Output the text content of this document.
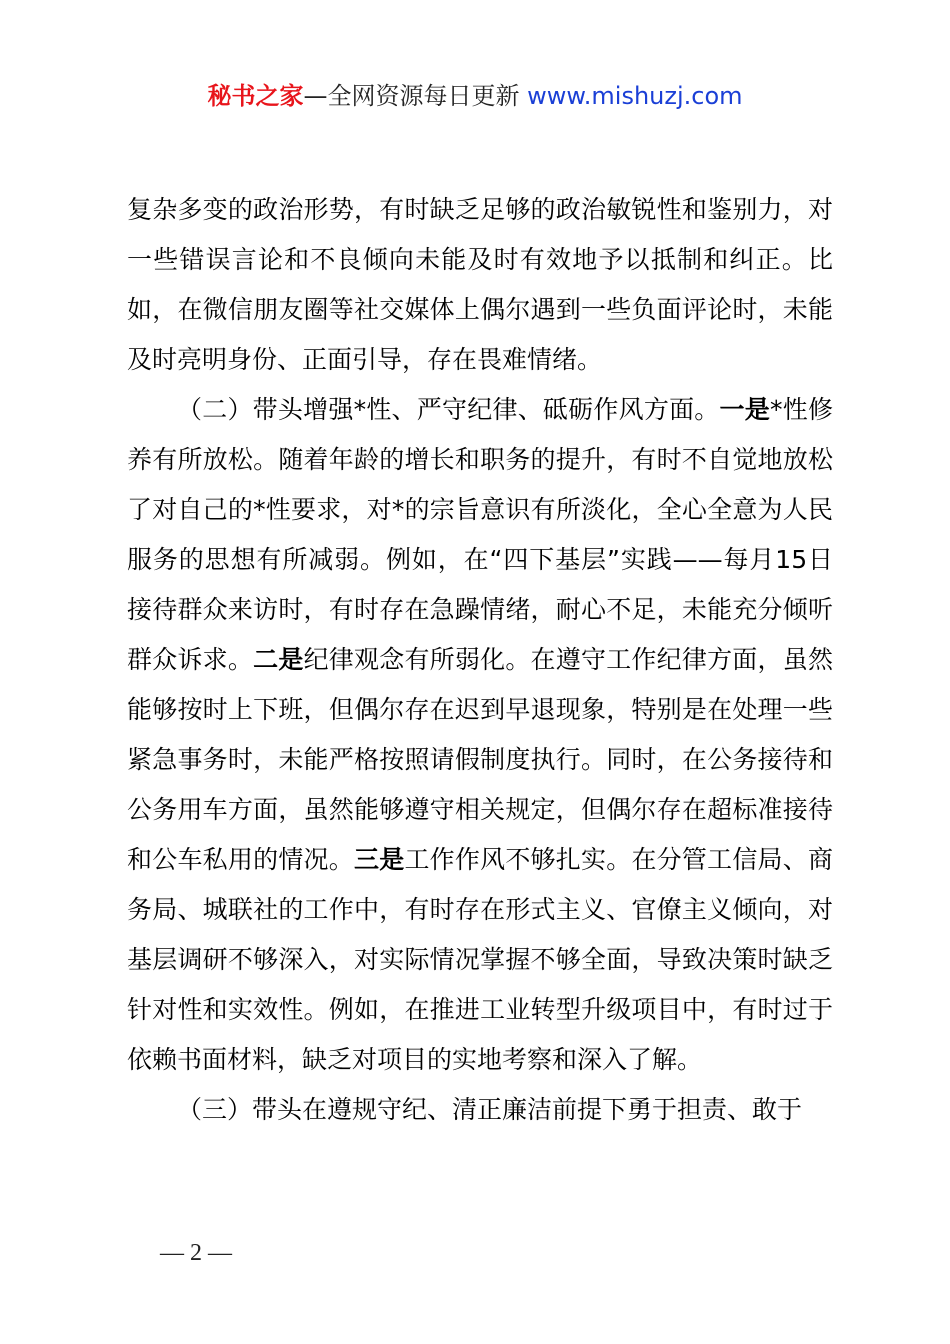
秘书之家—全网资源每日更新 www.mishuzj.com

复杂多变的政治形势，有时缺乏足够的政治敏锐性和鉴别力，对一些错误言论和不良倾向未能及时有效地予以抵制和纠正。比如，在微信朋友圈等社交媒体上偶尔遇到一些负面评论时，未能及时亮明身份、正面引导，存在畏难情绪。

（二）带头增强*性、严守纪律、砥砺作风方面。一是*性修养有所放松。随着年龄的增长和职务的提升，有时不自觉地放松了对自己的*性要求，对*的宗旨意识有所淡化，全心全意为人民服务的思想有所减弱。例如，在“四下基层”实践——每月15日接待群众来访时，有时存在急躁情绪，耐心不足，未能充分倾听群众诉求。二是纪律观念有所弱化。在遵守工作纪律方面，虽然能够按时上下班，但偶尔存在迟到早退现象，特别是在处理一些紧急事务时，未能严格按照请假制度执行。同时，在公务接待和公务用车方面，虽然能够遵守相关规定，但偶尔存在超标准接待和公车私用的情况。三是工作作风不够扎实。在分管工信局、商务局、城联社的工作中，有时存在形式主义、官僚主义倾向，对基层调研不够深入，对实际情况掌握不够全面，导致决策时缺乏针对性和实效性。例如，在推进工业转型升级项目中，有时过于依赖书面材料，缺乏对项目的实地考察和深入了解。

（三）带头在遵规守纪、清正廉洁前提下勇于担责、敢于

— 2 —
